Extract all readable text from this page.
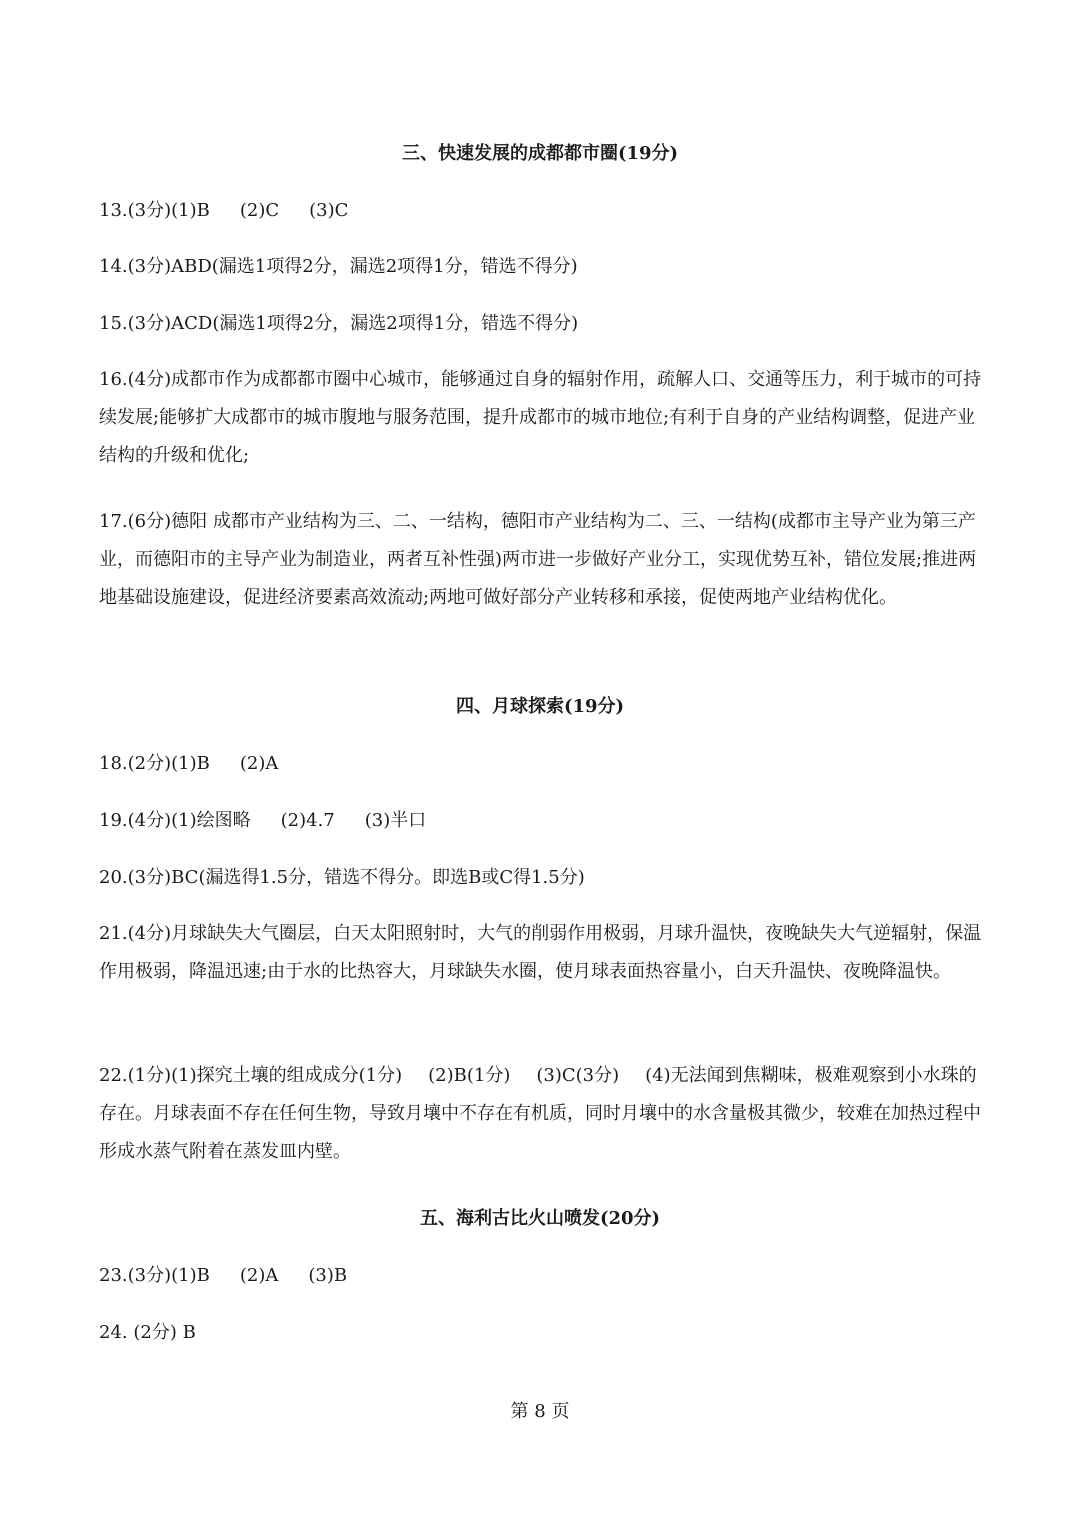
三、快速发展的成都都市圈(19分)
13.(3分)(1)B (2)C (3)C
14.(3分)ABD(漏选1项得2分，漏选2项得1分，错选不得分)
15.(3分)ACD(漏选1项得2分，漏选2项得1分，错选不得分)
16.(4分)成都市作为成都都市圈中心城市，能够通过自身的辐射作用，疏解人口、交通等压力，利于城市的可持续发展;能够扩大成都市的城市腹地与服务范围，提升成都市的城市地位;有利于自身的产业结构调整，促进产业结构的升级和优化;
17.(6分)德阳 成都市产业结构为三、二、一结构，德阳市产业结构为二、三、一结构(成都市主导产业为第三产业，而德阳市的主导产业为制造业，两者互补性强)两市进一步做好产业分工，实现优势互补，错位发展;推进两地基础设施建设，促进经济要素高效流动;两地可做好部分产业转移和承接，促使两地产业结构优化。
四、月球探索(19分)
18.(2分)(1)B (2)A
19.(4分)(1)绘图略 (2)4.7 (3)半口
20.(3分)BC(漏选得1.5分，错选不得分。即选B或C得1.5分)
21.(4分)月球缺失大气圈层，白天太阳照射时，大气的削弱作用极弱，月球升温快，夜晚缺失大气逆辐射，保温作用极弱，降温迅速;由于水的比热容大，月球缺失水圈，使月球表面热容量小，白天升温快、夜晚降温快。
22.(1分)(1)探究土壤的组成成分(1分) (2)B(1分) (3)C(3分) (4)无法闻到焦糊味，极难观察到小水珠的存在。月球表面不存在任何生物，导致月壤中不存在有机质，同时月壤中的水含量极其微少，较难在加热过程中形成水蒸气附着在蒸发皿内壁。
五、海利古比火山喷发(20分)
23.(3分)(1)B (2)A (3)B
24. (2分) B
第 8 页
